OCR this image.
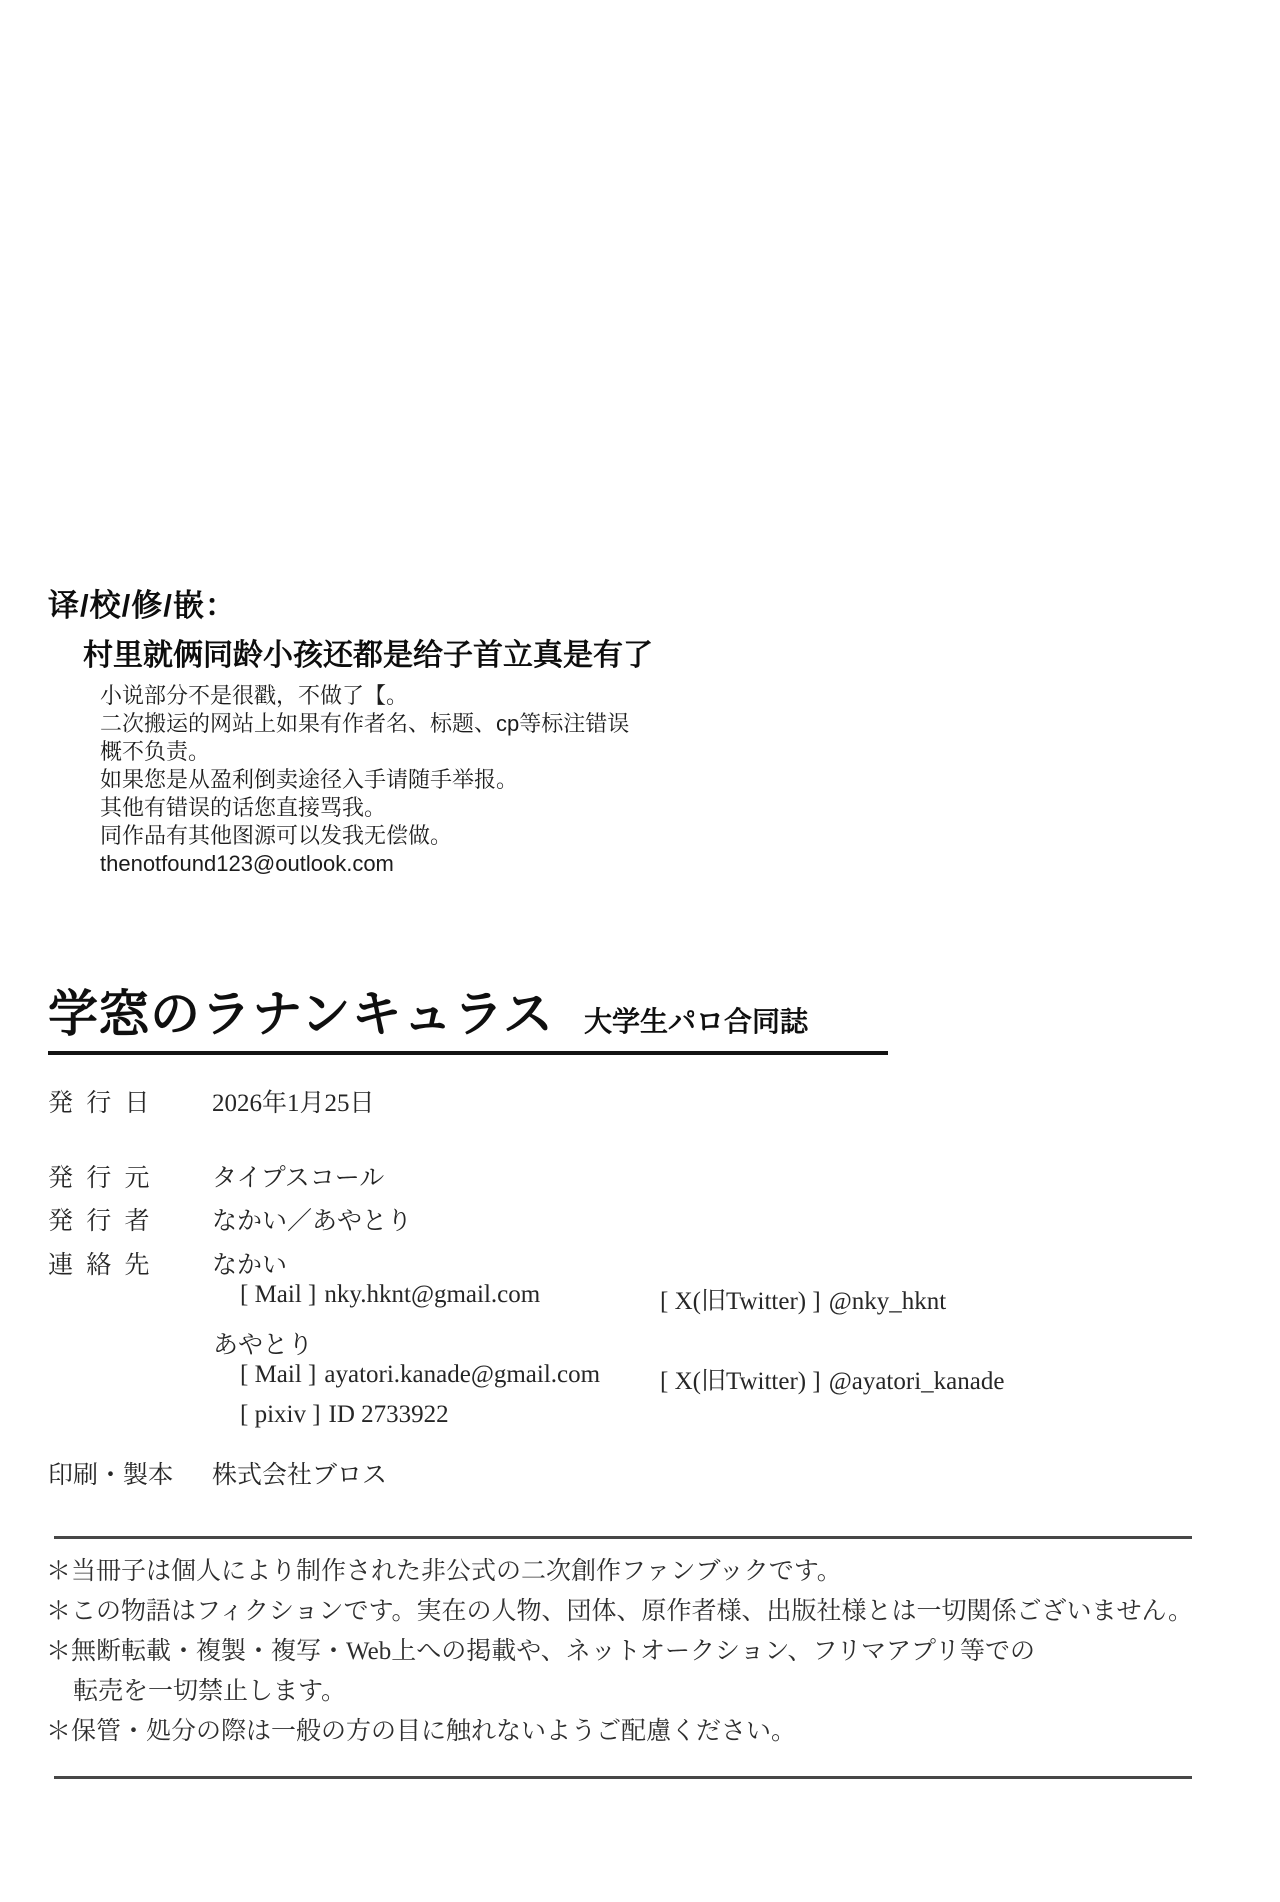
译/校/修/嵌：
村里就俩同龄小孩还都是给子首立真是有了
小说部分不是很戳，不做了【。
二次搬运的网站上如果有作者名、标题、cp等标注错误
概不负责。
如果您是从盈利倒卖途径入手请随手举报。
其他有错误的话您直接骂我。
同作品有其他图源可以发我无偿做。
thenotfound123@outlook.com
学窓のラナンキュラス 大学生パロ合同誌
発 行 日 2026年1月25日
発 行 元 タイプスコール
発 行 者 なかい／あやとり
連 絡 先 なかい
[ Mail ] nky.hknt@gmail.com	[ X(旧Twitter) ] @nky_hknt
あやとり
[ Mail ] ayatori.kanade@gmail.com [ X(旧Twitter) ] @ayatori_kanade
[ pixiv ] ID 2733922
印刷・製本 株式会社ブロス
＊当冊子は個人により制作された非公式の二次創作ファンブックです。
＊この物語はフィクションです。実在の人物、団体、原作者様、出版社様とは一切関係ございません。
＊無断転載・複製・複写・Web上への掲載や、ネットオークション、フリマアプリ等での
転売を一切禁止します。
＊保管・処分の際は一般の方の目に触れないようご配慮ください。
